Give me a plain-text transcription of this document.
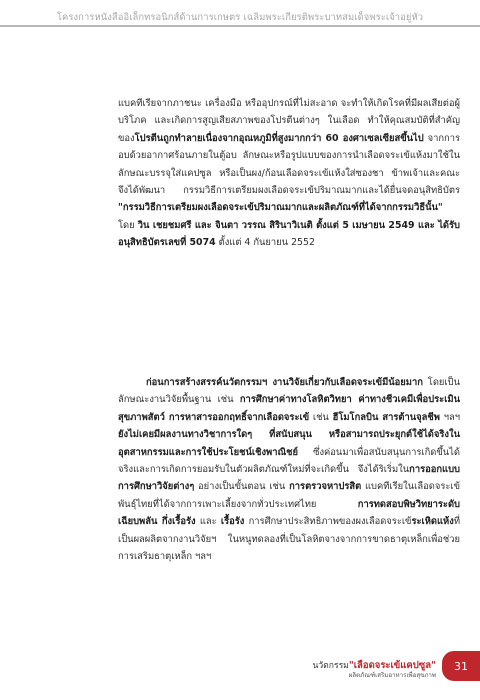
โครงการหนังสืออิเล็กทรอนิกส์ด้านการเกษตร เฉลิมพระเกียรติพระบาทสมเด็จพระเจ้าอยู่หัว
แบคทีเรียจากภาชนะ เครื่องมือ หรืออุปกรณ์ที่ไม่สะอาด จะทำให้เกิดโรคที่มีผลเสียต่อผู้บริโภค และเกิดการสูญเสียสภาพของโปรตีนต่างๆ ในเลือด ทำให้คุณสมบัติที่สำคัญของโปรตีนถูกทำลายเนื่องจากอุณหภูมิที่สูงมากกว่า 60 องศาเซลเซียสขึ้นไป จากการอบด้วยอากาศร้อนภายในตู้อบ ลักษณะหรือรูปแบบของการนำเลือดจระเข้แห้งมาใช้ในลักษณะบรรจุใส่แคปซูล หรือเป็นผง/ก้อนเลือดจระเข้แห้งใส่ซองชา ข้าพเจ้าและคณะ จึงได้พัฒนา กรรมวิธีการเตรียมผงเลือดจระเข้ปริมาณมากและได้ยื่นจดอนุสิทธิบัตร "กรรมวิธีการเตรียมผงเลือดจระเข้ปริมาณมากและผลิตภัณฑ์ที่ได้จากกรรมวิธีนั้น" โดย วิน เชยชมศรี และ จินตา วรรณ สิรินาวิเนติ ตั้งแต่ 5 เมษายน 2549 และ ได้รับอนุสิทธิบัตรเลขที่ 5074 ตั้งแต่ 4 กันยายน 2552
ก่อนการสร้างสรรค์นวัตกรรมฯ งานวิจัยเกี่ยวกับเลือดจระเข้มีน้อยมาก โดยเป็นลักษณะงานวิจัยพื้นฐาน เช่น การศึกษาค่าทางโลหิตวิทยา ค่าทางชีวเคมีเพื่อประเมินสุขภาพสัตว์ การหาสารออกฤทธิ์จากเลือดจระเข้ เช่น ฮีโมโกลบิน สารต้านจุลชีพ ฯลฯ ยังไม่เคยมีผลงานทางวิชาการใดๆ ที่สนับสนุน หรือสามารถประยุกต์ใช้ได้จริงในอุตสาหกรรมและการใช้ประโยชน์เชิงพาณิชย์ ซึ่งค่อนมาเพื่อสนับสนุนการเกิดขึ้นได้จริงและการเกิดการยอมรับในตัวผลิตภัณฑ์ใหม่ที่จะเกิดขึ้น จึงได้ริเริ่มในการออกแบบการศึกษาวิจัยต่างๆ อย่างเป็นขั้นตอน เช่น การตรวจหาปรสิต แบคทีเรียในเลือดจระเข้พันธุ์ไทยที่ได้จากการเพาะเลี้ยงจากทั่วประเทศไทย การทดสอบพิษวิทยาระดับเฉียบพลัน กึ่งเรื้อรัง และ เรื้อรัง การศึกษาประสิทธิภาพของผงเลือดจระเข้ระเหิดแห้งที่เป็นผลผลิตจากงานวิจัยฯ ในหนูทดลองที่เป็นโลหิตจางจากการขาดธาตุเหล็กเพื่อช่วยการเสริมธาตุเหล็ก ฯลฯ
นวัตกรรม"เลือดจระเข้แคปซูล"
ผลิตภัณฑ์เสริมอาหารเพื่อสุขภาพ
31
